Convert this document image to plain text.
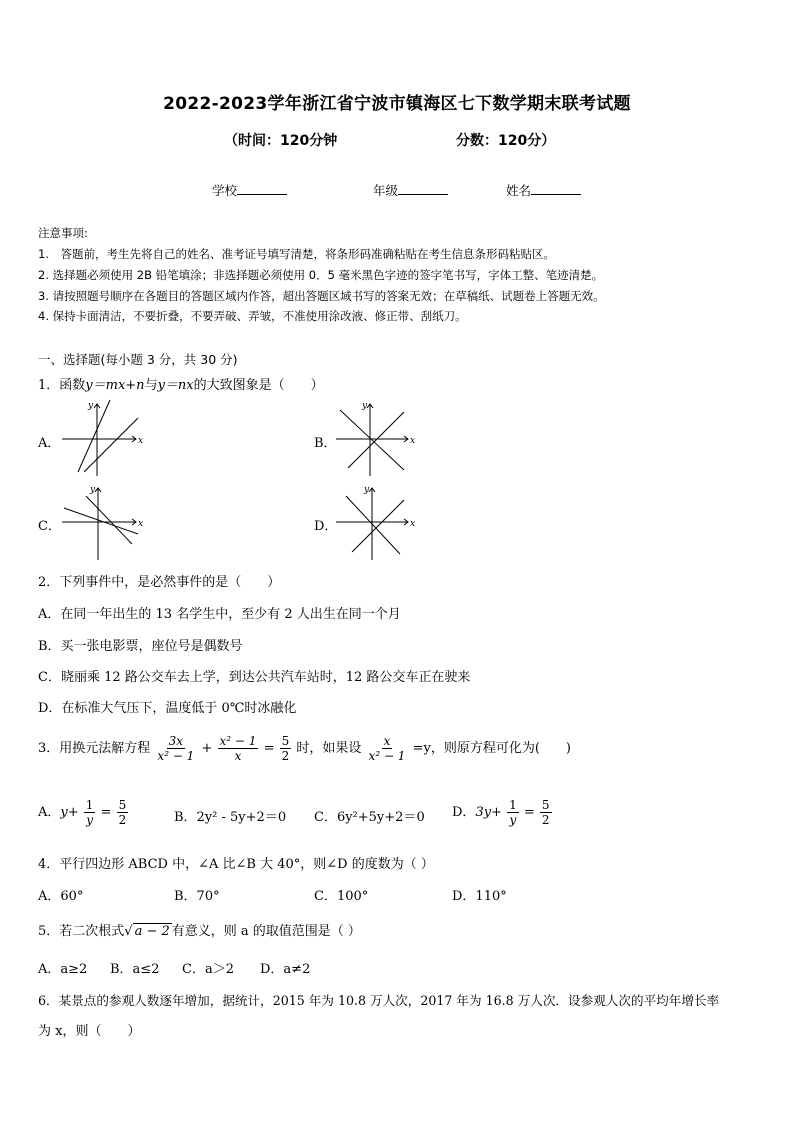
2022-2023学年浙江省宁波市镇海区七下数学期末联考试题
（时间：120分钟	分数：120分）
学校	年级	姓名
注意事项:
1.　答题前，考生先将自己的姓名、准考证号填写清楚，将条形码准确粘贴在考生信息条形码粘贴区。
2. 选择题必须使用 2B 铅笔填涂；非选择题必须使用 0．5 毫米黑色字迹的签字笔书写，字体工整、笔迹清楚。
3. 请按照题号顺序在各题目的答题区域内作答，超出答题区域书写的答案无效；在草稿纸、试题卷上答题无效。
4. 保持卡面清洁，不要折叠，不要弄破、弄皱，不准使用涂改液、修正带、刮纸刀。
一、选择题(每小题 3 分，共 30 分)
1．函数y＝mx+n与y＝nx的大致图象是（　　）
A．	x
y
B．	x
y
C．	x
y
D．	x
y
2．下列事件中，是必然事件的是（　　）
A．在同一年出生的 13 名学生中，至少有 2 人出生在同一个月
B．买一张电影票，座位号是偶数号
C．晓丽乘 12 路公交车去上学，到达公共汽车站时，12 路公交车正在驶来
D．在标准大气压下，温度低于 0℃时冰融化
3．用换元法解方程 $\frac{3x}{\text{x² − 1}} + \frac{\text{x² − 1}}{x} = \frac{5}{2}$ 时，如果设 $\frac{x}{\text{x² − 1}} =y$，则原方程可化为(　　)
A．$y+ \frac{1}{y} = \frac{5}{2}$	B．2y² - 5y+2＝0 C．6y²+5y+2＝0 D．$3y+ \frac{1}{y} = \frac{5}{2}$
4．平行四边形 ABCD 中，∠A 比∠B 大 40°，则∠D 的度数为（ ）
A．60°	B．70°	C．100°	D．110°
5．若二次根式√ a − 2 有意义，则 a 的取值范围是（ ）
A．a≥2 B．a≤2 C．a＞2 D．a≠2
6．某景点的参观人数逐年增加，据统计，2015 年为 10.8 万人次，2017 年为 16.8 万人次．设参观人次的平均年增长率
为 x，则（　　）
